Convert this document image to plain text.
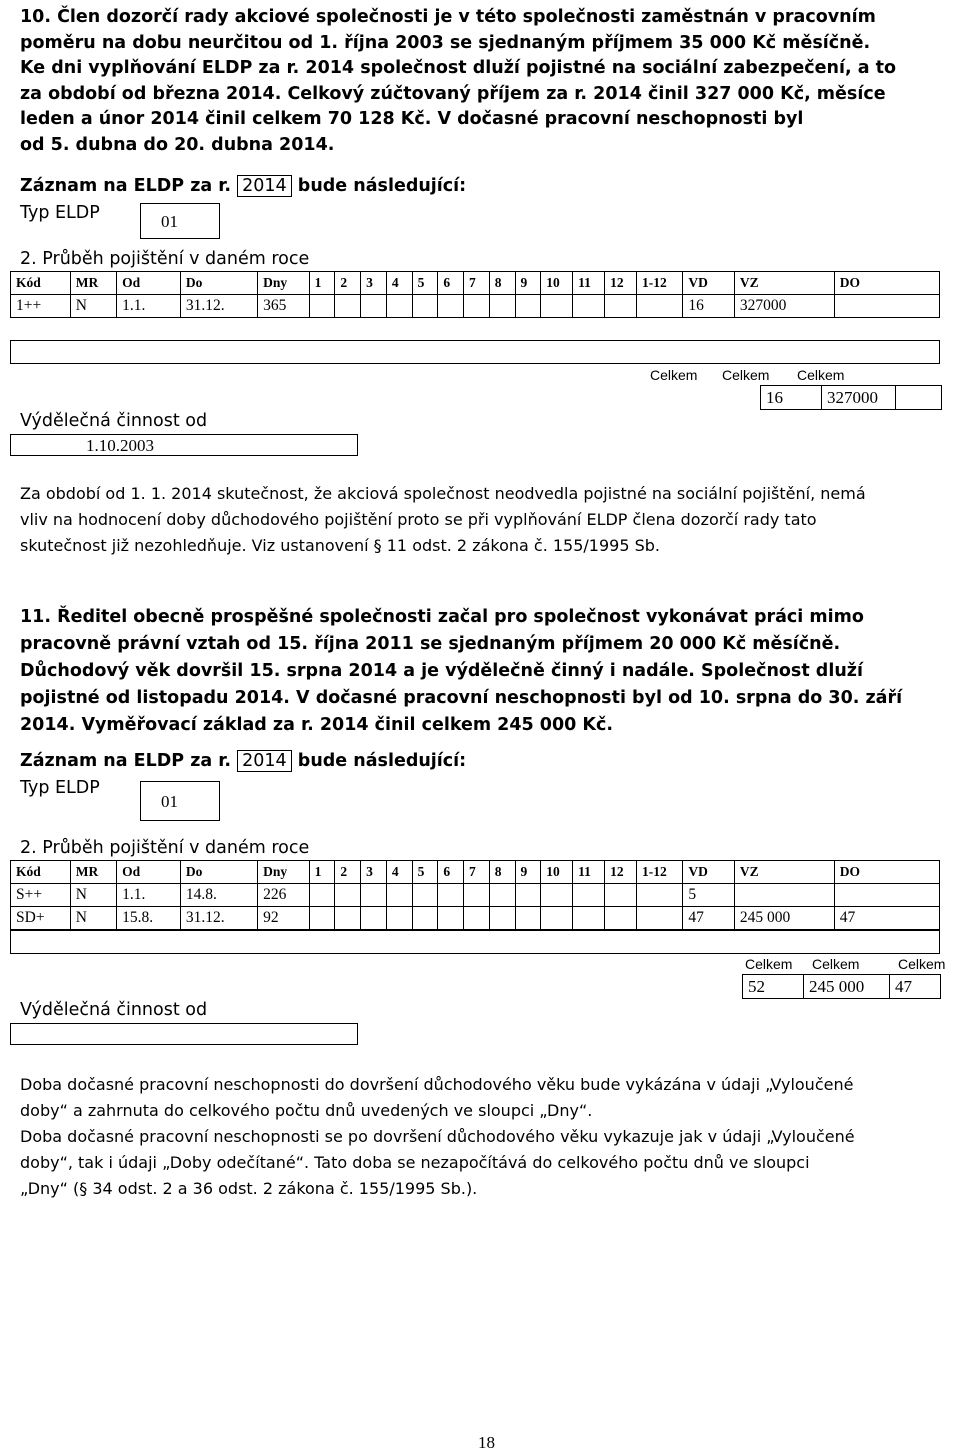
10. Člen dozorčí rady akciové společnosti je v této společnosti zaměstnán v pracovním
poměru na dobu neurčitou od 1. října 2003 se sjednaným příjmem 35 000 Kč měsíčně.
Ke dni vyplňování ELDP za r. 2014 společnost dluží pojistné na sociální zabezpečení, a to
za období od března 2014. Celkový zúčtovaný příjem za r. 2014 činil 327 000 Kč, měsíce
leden a únor 2014 činil celkem 70 128 Kč. V dočasné pracovní neschopnosti byl
od 5. dubna do 20. dubna 2014.
Záznam na ELDP za r. 2014 bude následující:
Typ ELDP	01
2. Průběh pojištění v daném roce
Kód	MR	Od	Do	Dny	1	2	3	4	5	6	7	8	9	10	11	12	1-12	VD	VZ	DO
1++	N	1.1.	31.12.	365														16	327000	
Celkem Celkem Celkem
16	327000	
Výdělečná činnost od
1.10.2003
Za období od 1. 1. 2014 skutečnost, že akciová společnost neodvedla pojistné na sociální pojištění, nemá
vliv na hodnocení doby důchodového pojištění proto se při vyplňování ELDP člena dozorčí rady tato
skutečnost již nezohledňuje. Viz ustanovení § 11 odst. 2 zákona č. 155/1995 Sb.
11. Ředitel obecně prospěšné společnosti začal pro společnost vykonávat práci mimo
pracovně právní vztah od 15. října 2011 se sjednaným příjmem 20 000 Kč měsíčně.
Důchodový věk dovršil 15. srpna 2014 a je výdělečně činný i nadále. Společnost dluží
pojistné od listopadu 2014. V dočasné pracovní neschopnosti byl od 10. srpna do 30. září
2014. Vyměřovací základ za r. 2014 činil celkem 245 000 Kč.
Záznam na ELDP za r. 2014 bude následující:
Typ ELDP
01
2. Průběh pojištění v daném roce
Kód	MR	Od	Do	Dny	1	2	3	4	5	6	7	8	9	10	11	12	1-12	VD	VZ	DO
S++	N	1.1.	14.8.	226														5		
SD+	N	15.8.	31.12.	92														47	245 000	47
Celkem Celkem	Celkem
52	245 000	47
Výdělečná činnost od
Doba dočasné pracovní neschopnosti do dovršení důchodového věku bude vykázána v údaji „Vyloučené
doby“ a zahrnuta do celkového počtu dnů uvedených ve sloupci „Dny“.
Doba dočasné pracovní neschopnosti se po dovršení důchodového věku vykazuje jak v údaji „Vyloučené
doby“, tak i údaji „Doby odečítané“. Tato doba se nezapočítává do celkového počtu dnů ve sloupci
„Dny“ (§ 34 odst. 2 a 36 odst. 2 zákona č. 155/1995 Sb.).
18
